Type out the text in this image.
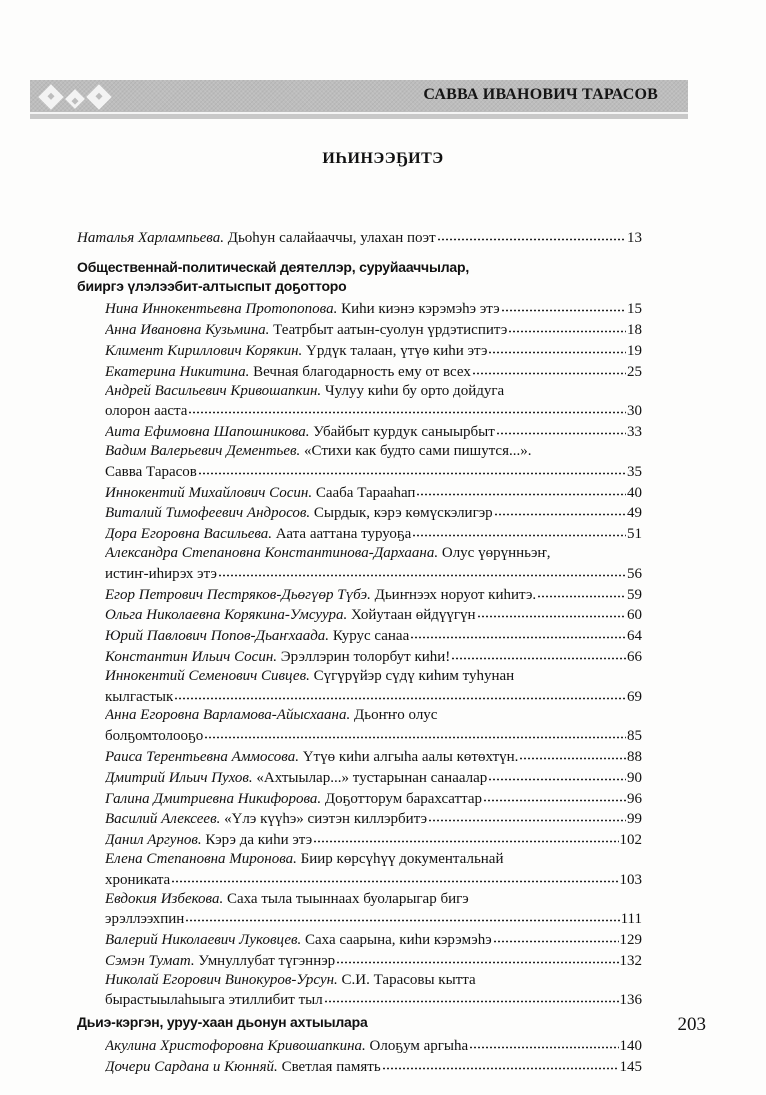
САВВА ИВАНОВИЧ ТАРАСОВ
ИҺИНЭЭҔИТЭ
Наталья Харлампьева. Дьоһун салайааччы, улахан поэт	13
Общественнай-политическай деятеллэр, суруйааччылар,
бииргэ үлэлээбит-алтыспыт доҕотторо
Нина Иннокентьевна Протопопова. Киһи киэнэ кэрэмэһэ этэ	15
Анна Ивановна Кузьмина. Театрбыт аатын-суолун үрдэтиспитэ	18
Климент Кириллович Корякин. Үрдүк талаан, үтүө киһи этэ	19
Екатерина Никитина. Вечная благодарность ему от всех	25
Андрей Васильевич Кривошапкин. Чулуу киһи бу орто дойдуга
олорон ааста	30
Аита Ефимовна Шапошникова. Убайбыт курдук саныырбыт	33
Вадим Валерьевич Дементьев. «Стихи как будто сами пишутся...».
Савва Тарасов	35
Иннокентий Михайлович Сосин. Сааба Тарааһап	40
Виталий Тимофеевич Андросов. Сырдык, кэрэ көмүскэлигэр	49
Дора Егоровна Васильева. Аата ааттана туруоҕа	51
Александра Степановна Константинова-Дархаана. Олус үөрүнньэҥ,
истиҥ-иһирэх этэ	56
Егор Петрович Пестряков-Дьөгүөр Түбэ. Дьиҥнээх норуот киһитэ.	59
Ольга Николаевна Корякина-Умсуура. Хойутаан өйдүүгүн	60
Юрий Павлович Попов-Дьаҥхаада. Курус санаа	64
Константин Ильич Сосин. Эрэллэрин толорбут киһи!	66
Иннокентий Семенович Сивцев. Сүгүрүйэр сүдү киһим туһунан
кылгастык	69
Анна Егоровна Варламова-Айысхаана. Дьоҥҥо олус
болҕомтолooҕo	85
Раиса Терентьевна Аммосова. Үтүө киһи алгыһа аалы көтөхтүн.	88
Дмитрий Ильич Пухов. «Ахтыылар...» тустарынан санаалар	90
Галина Дмитриевна Никифорова. Доҕотторум барахсаттар	96
Василий Алексеев. «Үлэ күүһэ» сиэтэн киллэрбитэ	99
Данил Аргунов. Кэрэ да киһи этэ	102
Елена Степановна Миронова. Биир көрсүһүү документальнай
хроникатa	103
Евдокия Избекова. Саха тыла тыыннаах буоларыгар бигэ
эрэллээхпин	111
Валерий Николаевич Луковцев. Саха саарына, киһи кэрэмэһэ	129
Сэмэн Тумат. Умнуллубат түгэннэр	132
Николай Егорович Винокуров-Урсун. С.И. Тарасовы кытта
бырастыылаһыыга этиллибит тыл	136
Дьиэ-кэргэн, уруу-хаан дьонун ахтыылара
Акулина Христофоровна Кривошапкина. Олоҕум аргыһа	140
Дочери Сардана и Кюнняй. Светлая память	145
203
